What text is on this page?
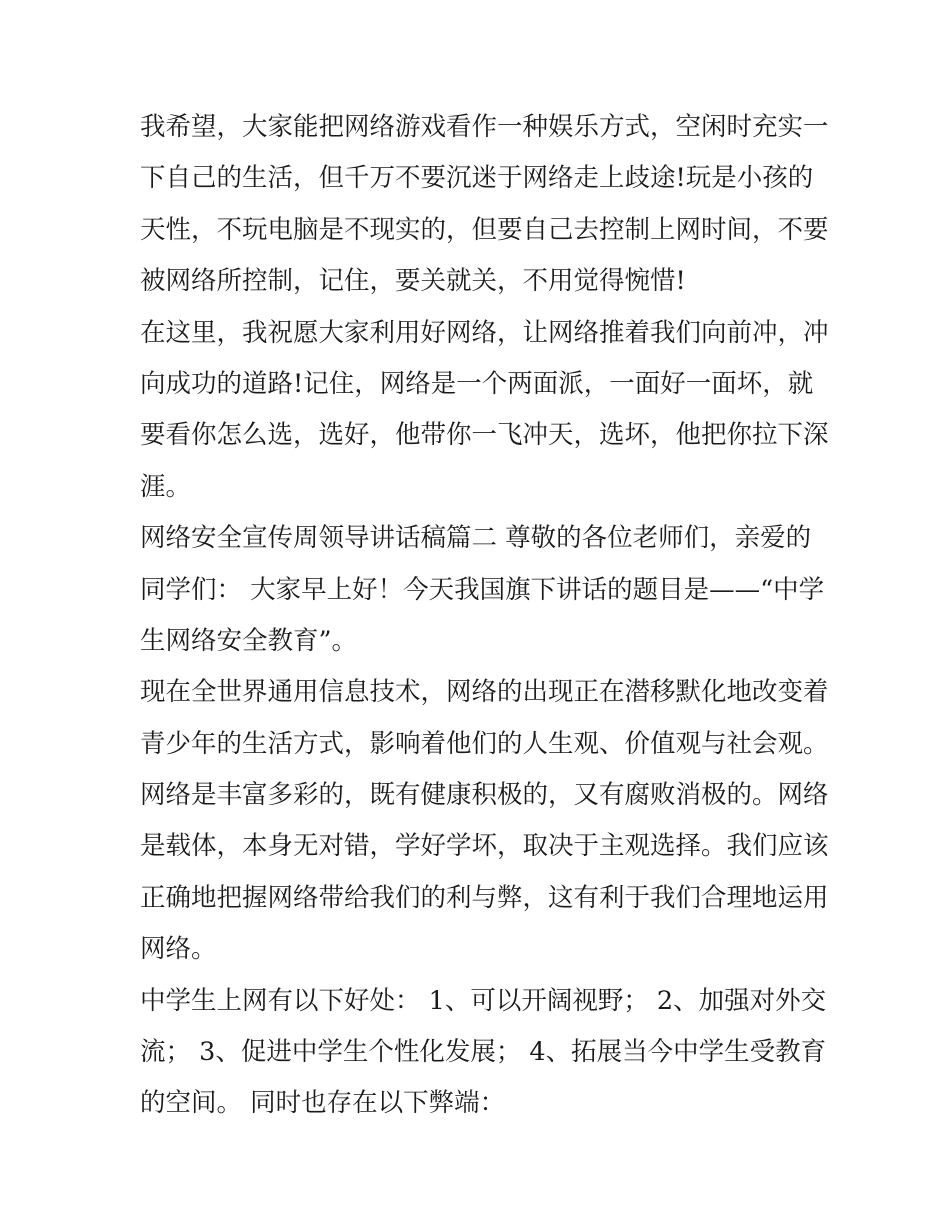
我希望，大家能把网络游戏看作一种娱乐方式，空闲时充实一
下自己的生活，但千万不要沉迷于网络走上歧途!玩是小孩的
天性，不玩电脑是不现实的，但要自己去控制上网时间，不要
被网络所控制，记住，要关就关，不用觉得惋惜!
在这里，我祝愿大家利用好网络，让网络推着我们向前冲，冲
向成功的道路!记住，网络是一个两面派，一面好一面坏，就
要看你怎么选，选好，他带你一飞冲天，选坏，他把你拉下深
涯。
网络安全宣传周领导讲话稿篇二 尊敬的各位老师们，亲爱的
同学们： 大家早上好！今天我国旗下讲话的题目是——“中学
生网络安全教育”。
现在全世界通用信息技术，网络的出现正在潜移默化地改变着
青少年的生活方式，影响着他们的人生观、价值观与社会观。
网络是丰富多彩的，既有健康积极的，又有腐败消极的。网络
是载体，本身无对错，学好学坏，取决于主观选择。我们应该
正确地把握网络带给我们的利与弊，这有利于我们合理地运用
网络。
中学生上网有以下好处： 1、可以开阔视野； 2、加强对外交
流； 3、促进中学生个性化发展； 4、拓展当今中学生受教育
的空间。 同时也存在以下弊端：
